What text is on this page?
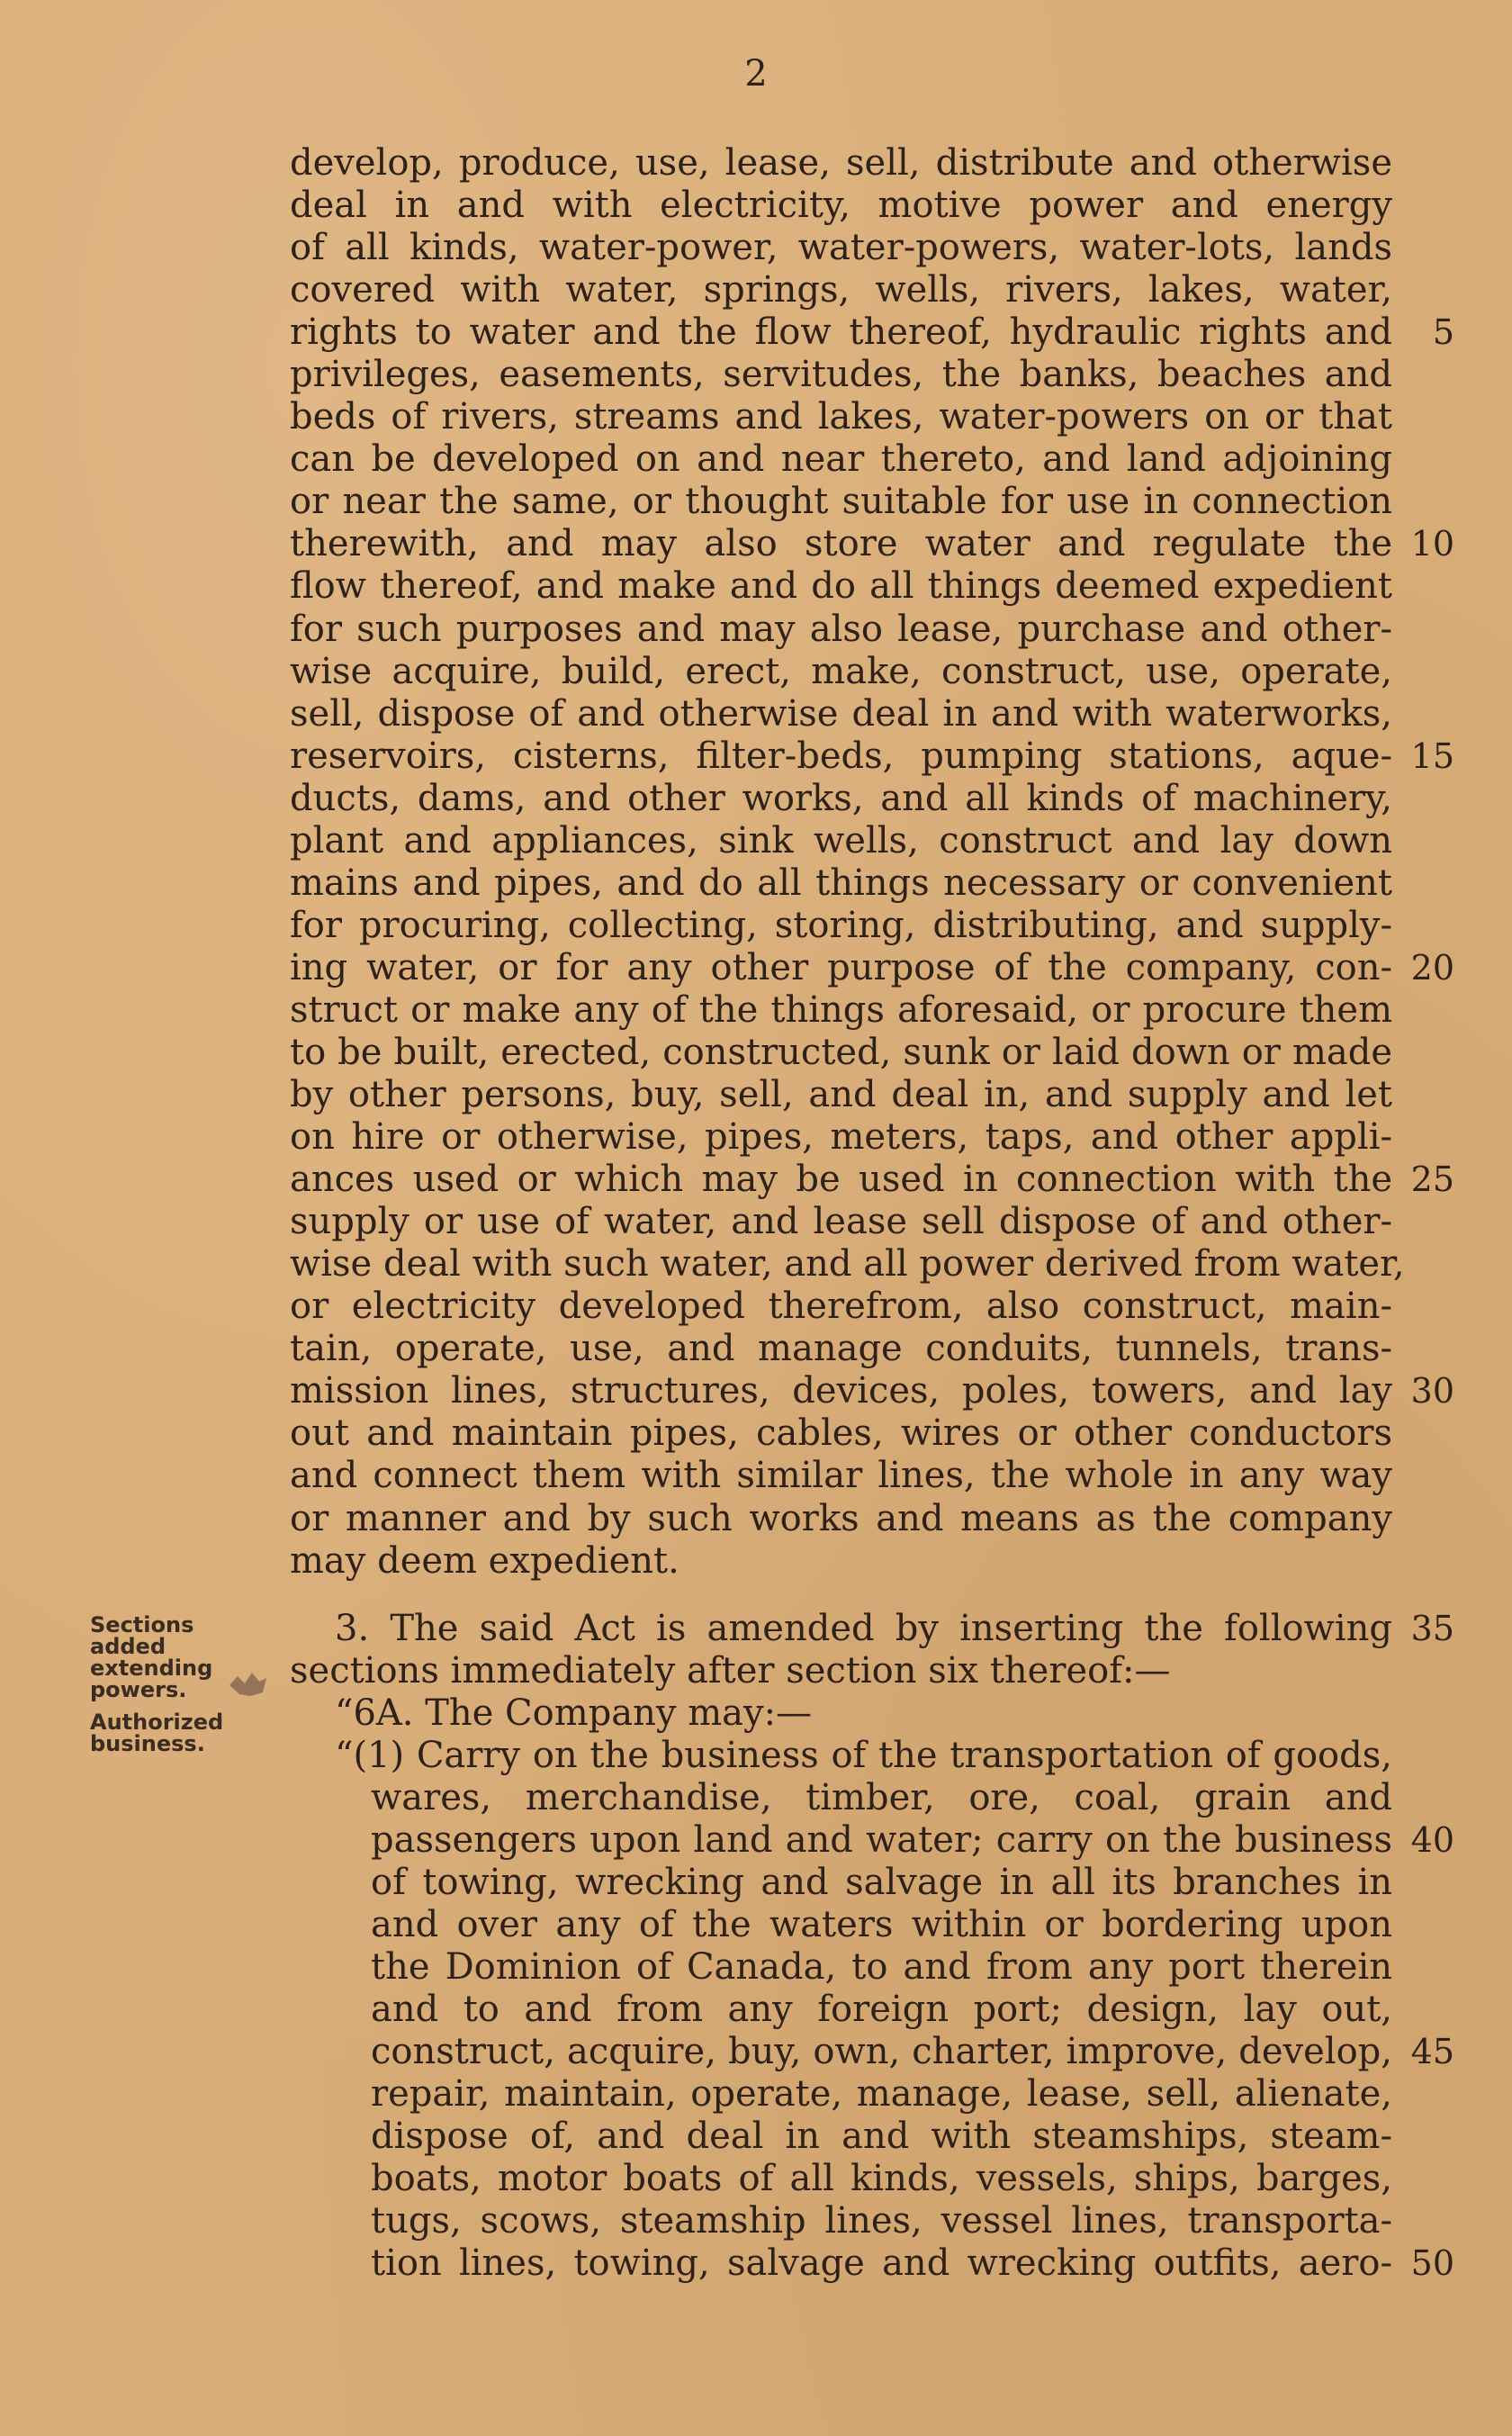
2
develop, produce, use, lease, sell, distribute and otherwise
deal in and with electricity, motive power and energy
of all kinds, water-power, water-powers, water-lots, lands
covered with water, springs, wells, rivers, lakes, water,
rights to water and the flow thereof, hydraulic rights and
privileges, easements, servitudes, the banks, beaches and
beds of rivers, streams and lakes, water-powers on or that
can be developed on and near thereto, and land adjoining
or near the same, or thought suitable for use in connection
therewith, and may also store water and regulate the
flow thereof, and make and do all things deemed expedient
for such purposes and may also lease, purchase and other-
wise acquire, build, erect, make, construct, use, operate,
sell, dispose of and otherwise deal in and with waterworks,
reservoirs, cisterns, filter-beds, pumping stations, aque-
ducts, dams, and other works, and all kinds of machinery,
plant and appliances, sink wells, construct and lay down
mains and pipes, and do all things necessary or convenient
for procuring, collecting, storing, distributing, and supply-
ing water, or for any other purpose of the company, con-
struct or make any of the things aforesaid, or procure them
to be built, erected, constructed, sunk or laid down or made
by other persons, buy, sell, and deal in, and supply and let
on hire or otherwise, pipes, meters, taps, and other appli-
ances used or which may be used in connection with the
supply or use of water, and lease sell dispose of and other-
wise deal with such water, and all power derived from water,
or electricity developed therefrom, also construct, main-
tain, operate, use, and manage conduits, tunnels, trans-
mission lines, structures, devices, poles, towers, and lay
out and maintain pipes, cables, wires or other conductors
and connect them with similar lines, the whole in any way
or manner and by such works and means as the company
may deem expedient.
3. The said Act is amended by inserting the following
sections immediately after section six thereof:—
“6A. The Company may:—
“(1) Carry on the business of the transportation of goods,
wares, merchandise, timber, ore, coal, grain and
passengers upon land and water; carry on the business
of towing, wrecking and salvage in all its branches in
and over any of the waters within or bordering upon
the Dominion of Canada, to and from any port therein
and to and from any foreign port; design, lay out,
construct, acquire, buy, own, charter, improve, develop,
repair, maintain, operate, manage, lease, sell, alienate,
dispose of, and deal in and with steamships, steam-
boats, motor boats of all kinds, vessels, ships, barges,
tugs, scows, steamship lines, vessel lines, transporta-
tion lines, towing, salvage and wrecking outfits, aero-
5
10
15
20
25
30
35
40
45
50
Sections
added
extending
powers.
Authorized
business.
